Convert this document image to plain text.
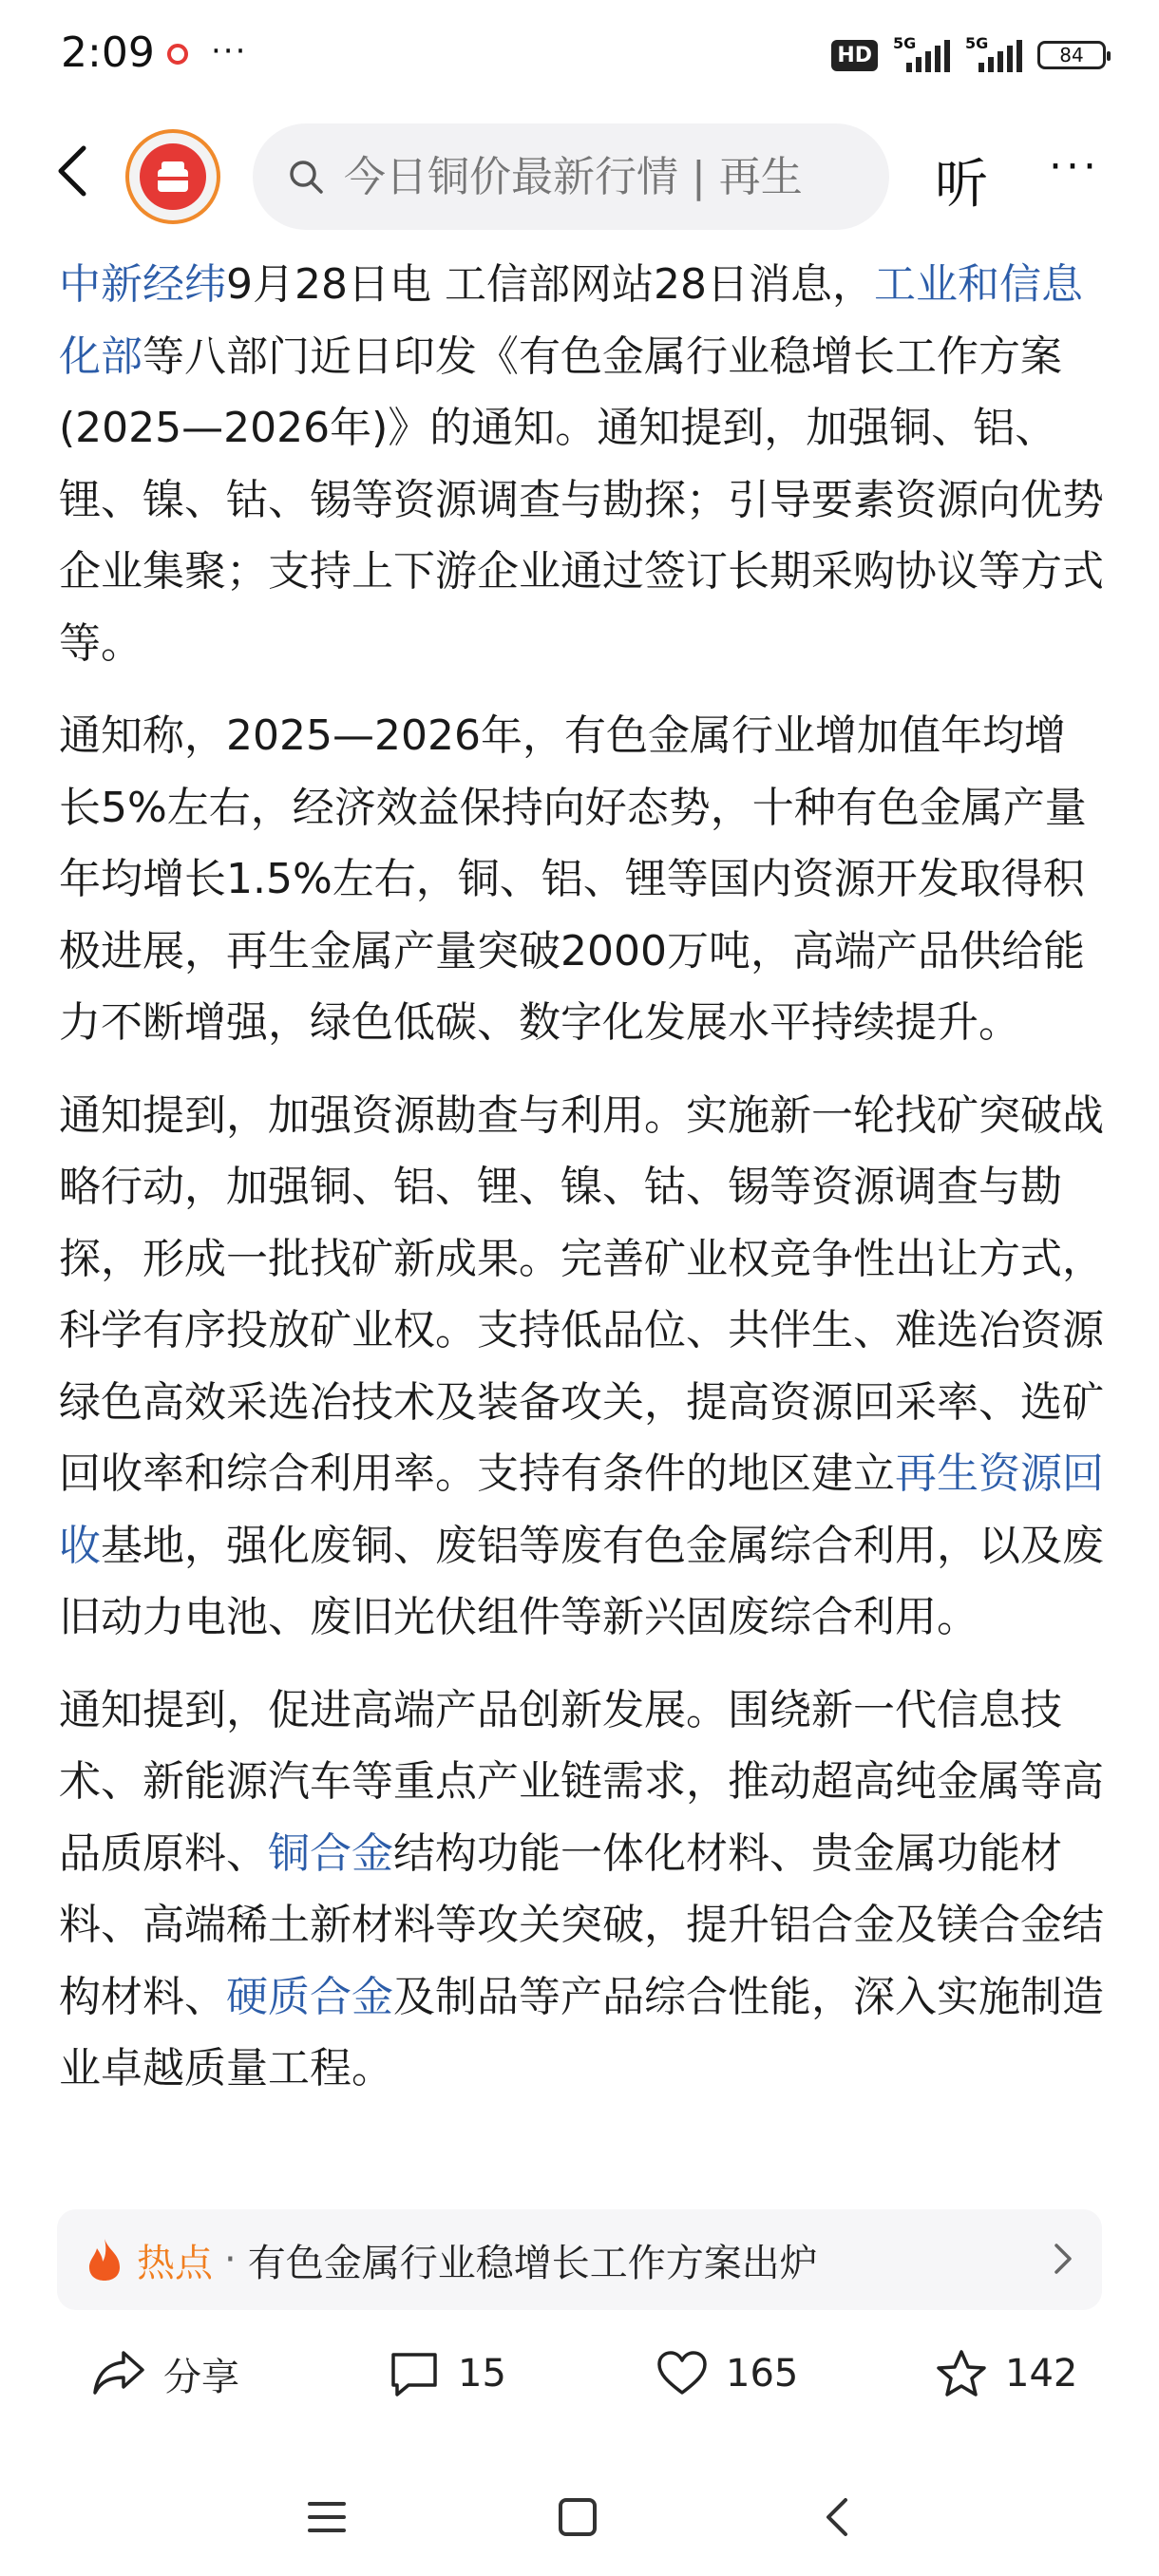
2:09 ···	HD	5G	5G
84
今日铜价最新行情 | 再生
听 ···

中新经纬9月28日电 工信部网站28日消息，工业和信息化部等八部门近日印发《有色金属行业稳增长工作方案(2025—2026年)》的通知。通知提到，加强铜、铝、锂、镍、钴、锡等资源调查与勘探；引导要素资源向优势企业集聚；支持上下游企业通过签订长期采购协议等方式等。

通知称，2025—2026年，有色金属行业增加值年均增长5%左右，经济效益保持向好态势，十种有色金属产量年均增长1.5%左右，铜、铝、锂等国内资源开发取得积极进展，再生金属产量突破2000万吨，高端产品供给能力不断增强，绿色低碳、数字化发展水平持续提升。

通知提到，加强资源勘查与利用。实施新一轮找矿突破战略行动，加强铜、铝、锂、镍、钴、锡等资源调查与勘探，形成一批找矿新成果。完善矿业权竞争性出让方式，科学有序投放矿业权。支持低品位、共伴生、难选冶资源绿色高效采选冶技术及装备攻关，提高资源回采率、选矿回收率和综合利用率。支持有条件的地区建立再生资源回收基地，强化废铜、废铝等废有色金属综合利用，以及废旧动力电池、废旧光伏组件等新兴固废综合利用。

通知提到，促进高端产品创新发展。围绕新一代信息技术、新能源汽车等重点产业链需求，推动超高纯金属等高品质原料、铜合金结构功能一体化材料、贵金属功能材料、高端稀土新材料等攻关突破，提升铝合金及镁合金结构材料、硬质合金及制品等产品综合性能，深入实施制造业卓越质量工程。

热点 · 有色金属行业稳增长工作方案出炉
分享	15	165	142
